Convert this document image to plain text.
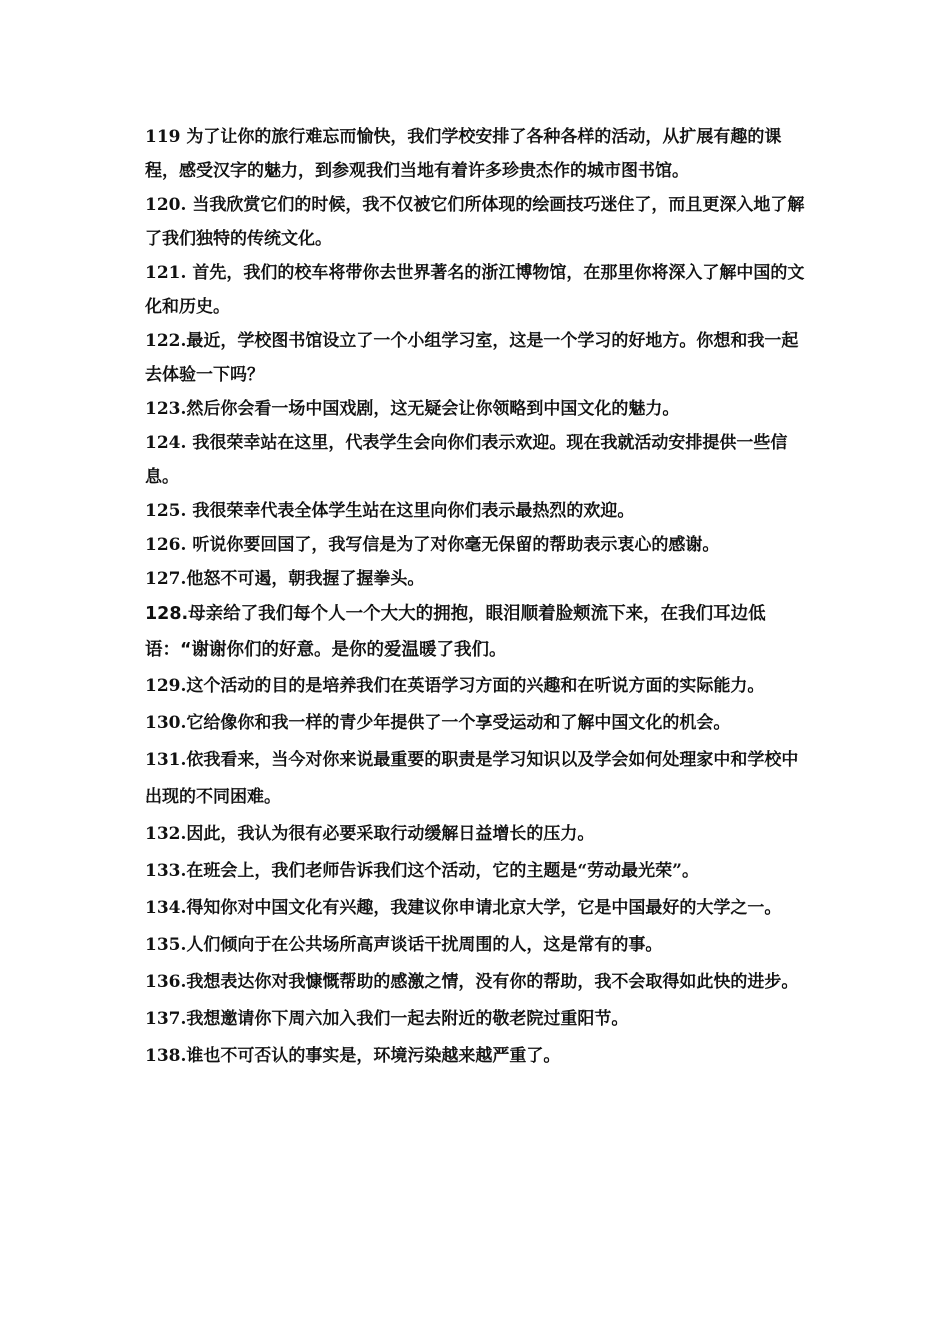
119 为了让你的旅行难忘而愉快，我们学校安排了各种各样的活动，从扩展有趣的课程，感受汉字的魅力，到参观我们当地有着许多珍贵杰作的城市图书馆。

120. 当我欣赏它们的时候，我不仅被它们所体现的绘画技巧迷住了，而且更深入地了解了我们独特的传统文化。

121. 首先，我们的校车将带你去世界著名的浙江博物馆，在那里你将深入了解中国的文化和历史。

122.最近，学校图书馆设立了一个小组学习室，这是一个学习的好地方。你想和我一起去体验一下吗？

123.然后你会看一场中国戏剧，这无疑会让你领略到中国文化的魅力。

124. 我很荣幸站在这里，代表学生会向你们表示欢迎。现在我就活动安排提供一些信息。

125. 我很荣幸代表全体学生站在这里向你们表示最热烈的欢迎。

126. 听说你要回国了，我写信是为了对你毫无保留的帮助表示衷心的感谢。

127.他怒不可遏，朝我握了握拳头。

128.母亲给了我们每个人一个大大的拥抱，眼泪顺着脸颊流下来，在我们耳边低语：“谢谢你们的好意。是你的爱温暖了我们。

129.这个活动的目的是培养我们在英语学习方面的兴趣和在听说方面的实际能力。

130.它给像你和我一样的青少年提供了一个享受运动和了解中国文化的机会。

131.依我看来，当今对你来说最重要的职责是学习知识以及学会如何处理家中和学校中出现的不同困难。

132.因此，我认为很有必要采取行动缓解日益增长的压力。

133.在班会上，我们老师告诉我们这个活动，它的主题是“劳动最光荣”。

134.得知你对中国文化有兴趣，我建议你申请北京大学，它是中国最好的大学之一。

135.人们倾向于在公共场所高声谈话干扰周围的人，这是常有的事。

136.我想表达你对我慷慨帮助的感激之情，没有你的帮助，我不会取得如此快的进步。

137.我想邀请你下周六加入我们一起去附近的敬老院过重阳节。

138.谁也不可否认的事实是，环境污染越来越严重了。
